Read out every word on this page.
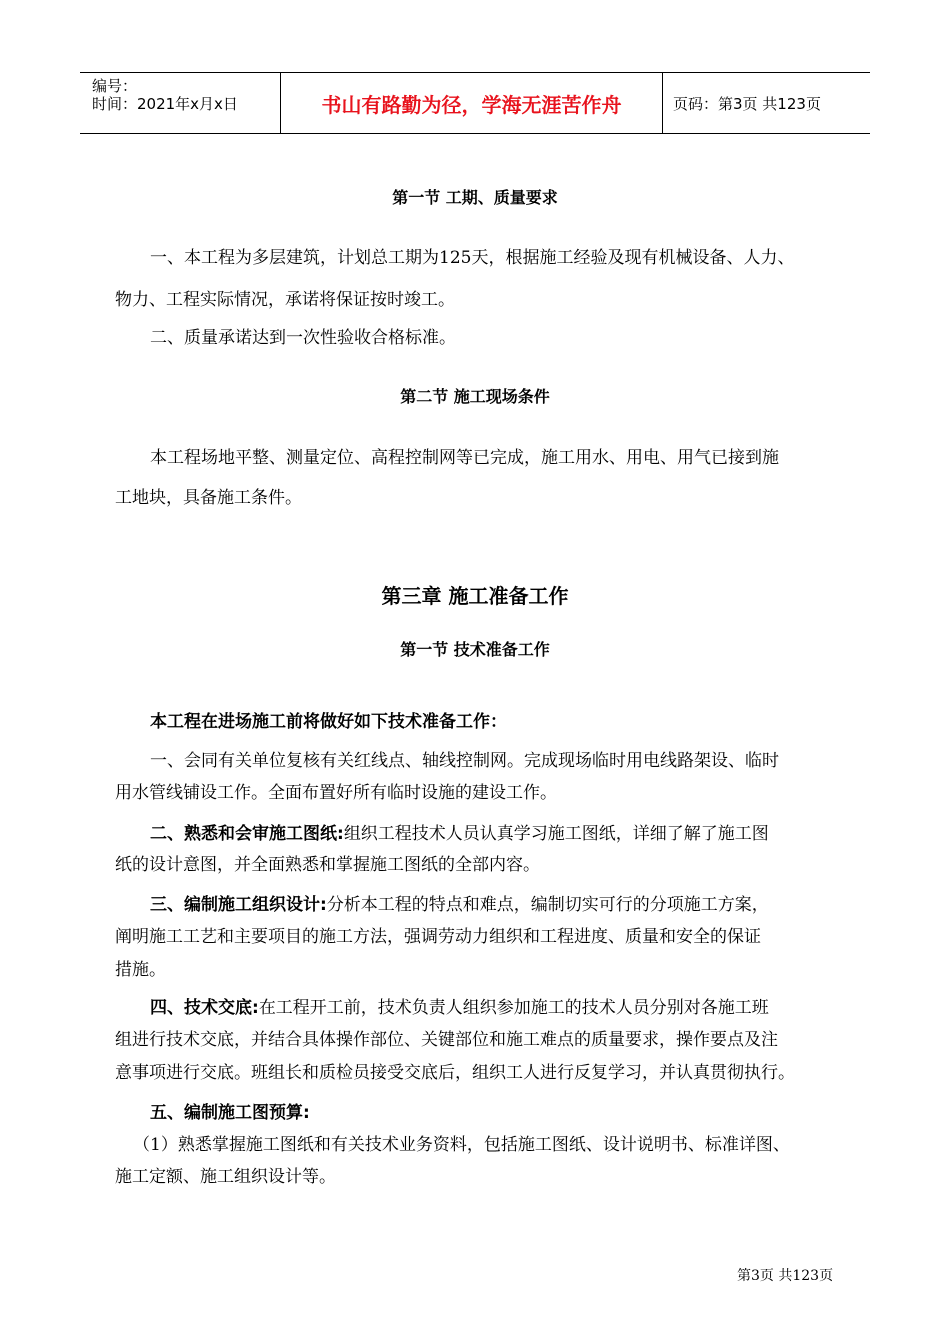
编号：
时间：2021年x月x日	书山有路勤为径，学海无涯苦作舟	页码：第3页 共123页
第一节 工期、质量要求
一、本工程为多层建筑，计划总工期为125天，根据施工经验及现有机械设备、人力、
物力、工程实际情况，承诺将保证按时竣工。
二、质量承诺达到一次性验收合格标准。
第二节 施工现场条件
本工程场地平整、测量定位、高程控制网等已完成，施工用水、用电、用气已接到施
工地块，具备施工条件。
第三章 施工准备工作
第一节 技术准备工作
本工程在进场施工前将做好如下技术准备工作：
一、会同有关单位复核有关红线点、轴线控制网。完成现场临时用电线路架设、临时
用水管线铺设工作。全面布置好所有临时设施的建设工作。
二、熟悉和会审施工图纸:组织工程技术人员认真学习施工图纸，详细了解了施工图
纸的设计意图，并全面熟悉和掌握施工图纸的全部内容。
三、编制施工组织设计:分析本工程的特点和难点，编制切实可行的分项施工方案，
阐明施工工艺和主要项目的施工方法，强调劳动力组织和工程进度、质量和安全的保证
措施。
四、技术交底:在工程开工前，技术负责人组织参加施工的技术人员分别对各施工班
组进行技术交底，并结合具体操作部位、关键部位和施工难点的质量要求，操作要点及注
意事项进行交底。班组长和质检员接受交底后，组织工人进行反复学习，并认真贯彻执行。
五、编制施工图预算:
（1）熟悉掌握施工图纸和有关技术业务资料，包括施工图纸、设计说明书、标准详图、
施工定额、施工组织设计等。
第3页 共123页
